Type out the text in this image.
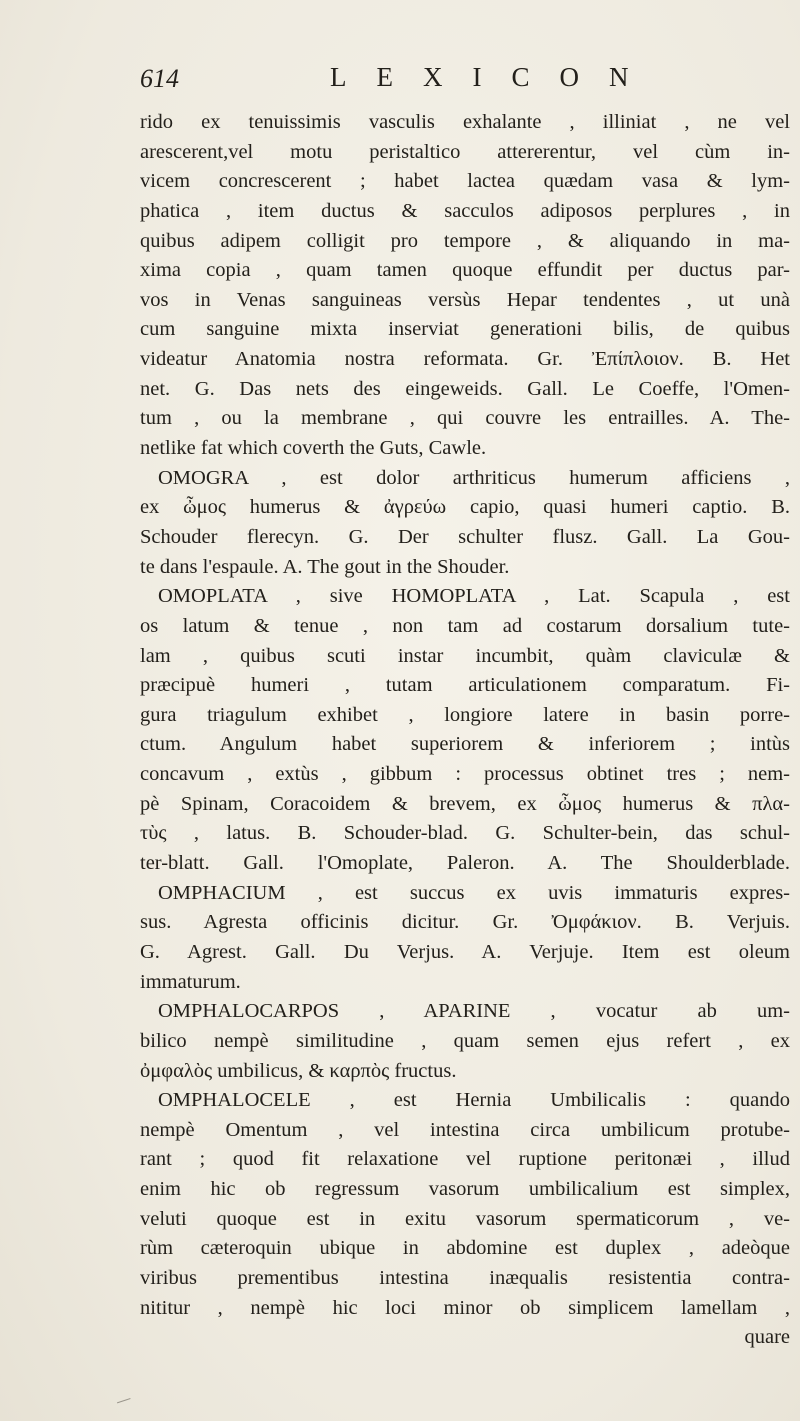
614	LEXICON
rido ex tenuissimis vasculis exhalante , illiniat , ne vel
arescerent,vel motu peristaltico attererentur, vel cùm in-
vicem concrescerent ; habet lactea quædam vasa & lym-
phatica , item ductus & sacculos adiposos perplures , in
quibus adipem colligit pro tempore , & aliquando in ma-
xima copia , quam tamen quoque effundit per ductus par-
vos in Venas sanguineas versùs Hepar tendentes , ut unà
cum sanguine mixta inserviat generationi bilis, de quibus
videatur Anatomia nostra reformata. Gr. Ἐπίπλοιον. B. Het
net. G. Das nets des eingeweids. Gall. Le Coeffe, l'Omen-
tum , ou la membrane , qui couvre les entrailles. A. The-
netlike fat which coverth the Guts, Cawle.
OMOGRA , est dolor arthriticus humerum afficiens ,
ex ὦμος humerus & ἀγρεύω capio, quasi humeri captio. B.
Schouder flerecyn. G. Der schulter flusz. Gall. La Gou-
te dans l'espaule. A. The gout in the Shouder.
OMOPLATA , sive HOMOPLATA , Lat. Scapula , est
os latum & tenue , non tam ad costarum dorsalium tute-
lam , quibus scuti instar incumbit, quàm claviculæ &
præcipuè humeri , tutam articulationem comparatum. Fi-
gura triagulum exhibet , longiore latere in basin porre-
ctum. Angulum habet superiorem & inferiorem ; intùs
concavum , extùs , gibbum : processus obtinet tres ; nem-
pè Spinam, Coracoidem & brevem, ex ὦμος humerus & πλα-
τὺς , latus. B. Schouder-blad. G. Schulter-bein, das schul-
ter-blatt. Gall. l'Omoplate, Paleron. A. The Shoulderblade.
OMPHACIUM , est succus ex uvis immaturis expres-
sus. Agresta officinis dicitur. Gr. Ὀμφάκιον. B. Verjuis.
G. Agrest. Gall. Du Verjus. A. Verjuje. Item est oleum
immaturum.
OMPHALOCARPOS , APARINE , vocatur ab um-
bilico nempè similitudine , quam semen ejus refert , ex
ὀμφαλὸς umbilicus, & καρπὸς fructus.
OMPHALOCELE , est Hernia Umbilicalis : quando
nempè Omentum , vel intestina circa umbilicum protube-
rant ; quod fit relaxatione vel ruptione peritonæi , illud
enim hic ob regressum vasorum umbilicalium est simplex,
veluti quoque est in exitu vasorum spermaticorum , ve-
rùm cæteroquin ubique in abdomine est duplex , adeòque
viribus prementibus intestina inæqualis resistentia contra-
nititur , nempè hic loci minor ob simplicem lamellam ,
quare
